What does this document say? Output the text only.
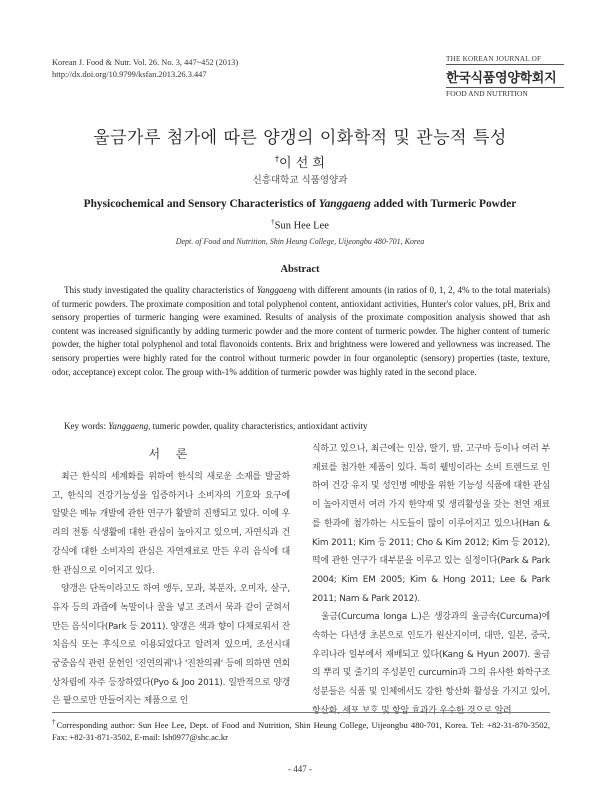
Korean J. Food & Nutr. Vol. 26. No. 3, 447~452 (2013)
http://dx.doi.org/10.9799/ksfan.2013.26.3.447
THE KOREAN JOURNAL OF
한국식품영양학회지
FOOD AND NUTRITION
울금가루 첨가에 따른 양갱의 이화학적 및 관능적 특성
†이 선 희
신흥대학교 식품영양과
Physicochemical and Sensory Characteristics of Yanggaeng added with Turmeric Powder
†Sun Hee Lee
Dept. of Food and Nutrition, Shin Heung College, Uijeongbu 480-701, Korea
Abstract
This study investigated the quality characteristics of Yanggaeng with different amounts (in ratios of 0, 1, 2, 4% to the total materials) of turmeric powders. The proximate composition and total polyphenol content, antioxidant activities, Hunter's color values, pH, Brix and sensory properties of turmeric hanging were examined. Results of analysis of the proximate composition analysis showed that ash content was increased significantly by adding turmeric powder and the more content of turmeric powder. The higher content of tumeric powder, the higher total polyphenol and total flavonoids contents. Brix and brightness were lowered and yellowness was increased. The sensory properties were highly rated for the control without turmeric powder in four organoleptic (sensory) properties (taste, texture, odor, acceptance) except color. The group with-1% addition of turmeric powder was highly rated in the second place.
Key words: Yanggaeng, tumeric powder, quality characteristics, antioxidant activity
서 론

최근 한식의 세계화를 위하여 한식의 새로운 소재를 발굴하고, 한식의 건강기능성을 입증하거나 소비자의 기호와 요구에 알맞은 메뉴 개발에 관한 연구가 활발히 진행되고 있다. 이에 우리의 전통 식생활에 대한 관심이 높아지고 있으며, 자연식과 건강식에 대한 소비자의 관심은 자연재료로 만든 우리 음식에 대한 관심으로 이어지고 있다.

양갱은 단독이라고도 하여 앵두, 모과, 복분자, 오미자, 살구, 유자 등의 과즙에 녹말이나 꿀을 넣고 조려서 묵과 같이 굳혀서 만든 음식이다(Park 등 2011). 양갱은 색과 향이 다채로워서 잔치음식 또는 후식으로 이용되었다고 알려져 있으며, 조선시대 궁중음식 관련 문헌인 '진연의궤'나 '진찬의궤' 등에 의하면 연회 상차림에 자주 등장하였다(Pyo & Joo 2011). 일반적으로 양갱은 팥으로만 만들어지는 제품으로 인

식하고 있으나, 최근에는 인삼, 딸기, 밤, 고구마 등이나 여러 부재료를 첨가한 제품이 있다. 특히 웰빙이라는 소비 트렌드로 인하여 건강 유지 및 성인병 예방을 위한 기능성 식품에 대한 관심이 높아지면서 여러 가지 한약재 및 생리활성을 갖는 천연 재료를 한과에 첨가하는 시도들이 많이 이루어지고 있으나(Han & Kim 2011; Kim 등 2011; Cho & Kim 2012; Kim 등 2012), 떡에 관한 연구가 대부분을 이루고 있는 실정이다(Park & Park 2004; Kim EM 2005; Kim & Hong 2011; Lee & Park 2011; Nam & Park 2012).

울금(Curcuma longa L.)은 생강과의 울금속(Curcuma)에 속하는 다년생 초본으로 인도가 원산지이며, 대만, 일본, 중국, 우리나라 일부에서 재배되고 있다(Kang & Hyun 2007). 울금의 뿌리 및 줄기의 주성분인 curcumin과 그의 유사한 화학구조 성분들은 식품 및 인체에서도 강한 항산화 활성을 가지고 있어, 항산화, 세포 보호 및 항암 효과가 우수한 것으로 알려

†Corresponding author: Sun Hee Lee, Dept. of Food and Nutrition, Shin Heung College, Uijeongbu 480-701, Korea. Tel: +82-31-870-3502, Fax: +82-31-871-3502, E-mail: lsh0977@shc.ac.kr
- 447 -
